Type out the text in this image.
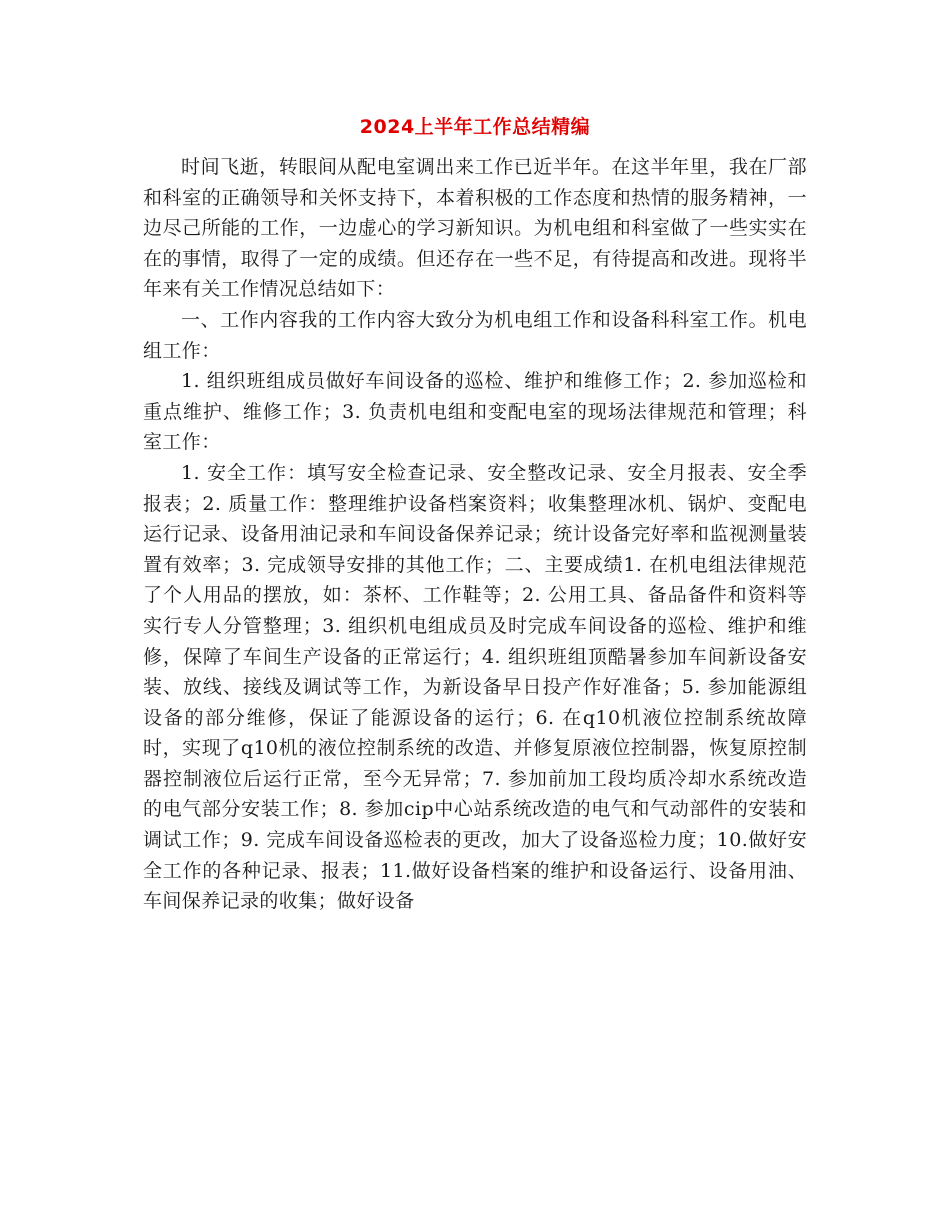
2024上半年工作总结精编

时间飞逝，转眼间从配电室调出来工作已近半年。在这半年里，我在厂部和科室的正确领导和关怀支持下，本着积极的工作态度和热情的服务精神，一边尽己所能的工作，一边虚心的学习新知识。为机电组和科室做了一些实实在在的事情，取得了一定的成绩。但还存在一些不足，有待提高和改进。现将半年来有关工作情况总结如下：

一、工作内容我的工作内容大致分为机电组工作和设备科科室工作。机电组工作：

1. 组织班组成员做好车间设备的巡检、维护和维修工作；2. 参加巡检和重点维护、维修工作；3. 负责机电组和变配电室的现场法律规范和管理；科室工作：

1. 安全工作：填写安全检查记录、安全整改记录、安全月报表、安全季报表；2. 质量工作：整理维护设备档案资料；收集整理冰机、锅炉、变配电运行记录、设备用油记录和车间设备保养记录；统计设备完好率和监视测量装置有效率；3. 完成领导安排的其他工作；二、主要成绩1. 在机电组法律规范了个人用品的摆放，如：茶杯、工作鞋等；2. 公用工具、备品备件和资料等实行专人分管整理；3. 组织机电组成员及时完成车间设备的巡检、维护和维修，保障了车间生产设备的正常运行；4. 组织班组顶酷暑参加车间新设备安装、放线、接线及调试等工作，为新设备早日投产作好准备；5. 参加能源组设备的部分维修，保证了能源设备的运行；6. 在q10机液位控制系统故障时，实现了q10机的液位控制系统的改造、并修复原液位控制器，恢复原控制器控制液位后运行正常，至今无异常；7. 参加前加工段均质冷却水系统改造的电气部分安装工作；8. 参加cip中心站系统改造的电气和气动部件的安装和调试工作；9. 完成车间设备巡检表的更改，加大了设备巡检力度；10.做好安全工作的各种记录、报表；11.做好设备档案的维护和设备运行、设备用油、车间保养记录的收集；做好设备
